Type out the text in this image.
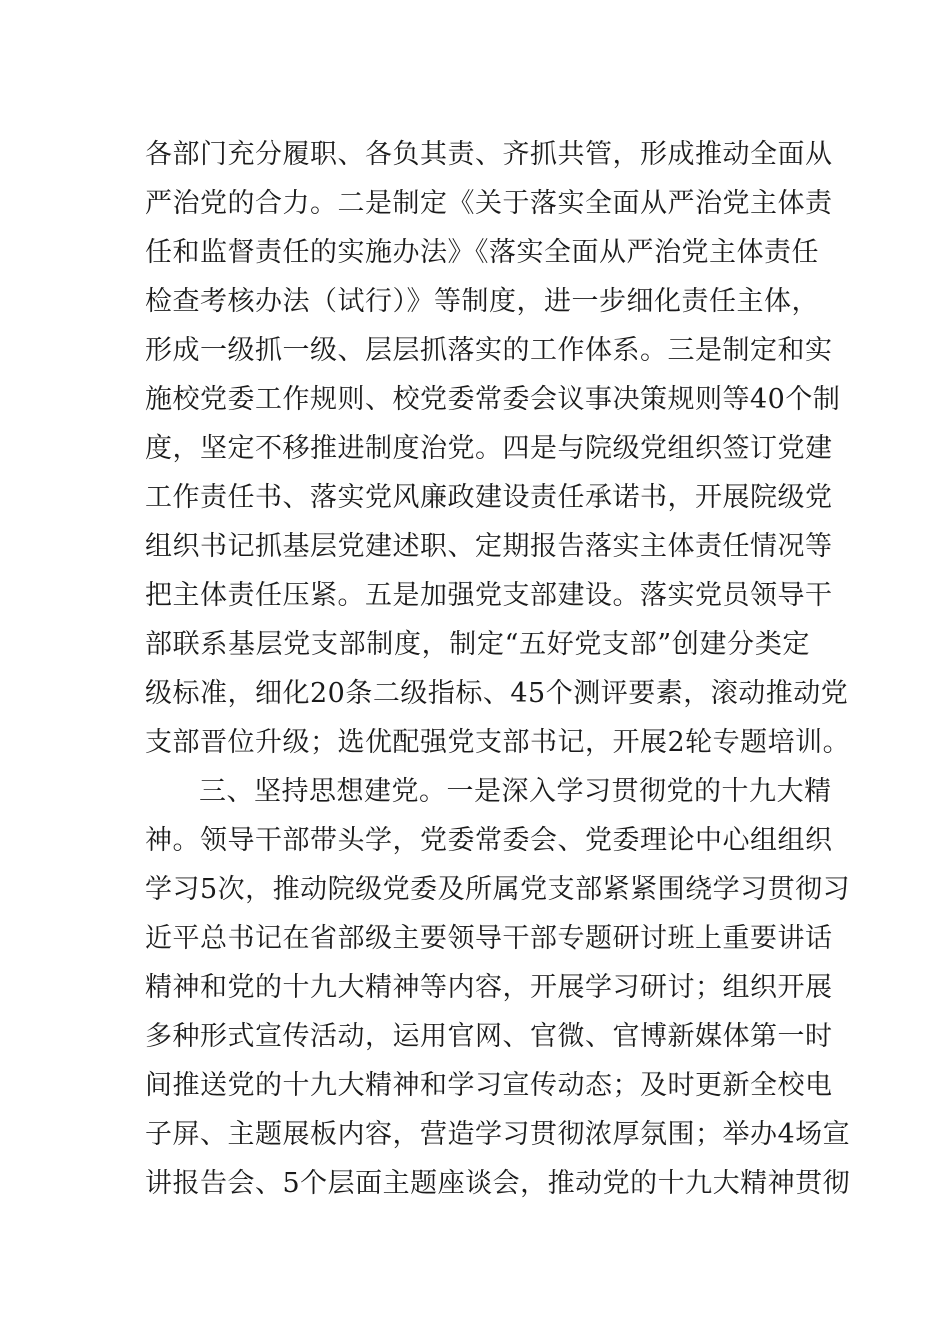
各部门充分履职、各负其责、齐抓共管，形成推动全面从
严治党的合力。二是制定《关于落实全面从严治党主体责
任和监督责任的实施办法》《落实全面从严治党主体责任
检查考核办法（试行）》等制度，进一步细化责任主体，
形成一级抓一级、层层抓落实的工作体系。三是制定和实
施校党委工作规则、校党委常委会议事决策规则等40个制
度，坚定不移推进制度治党。四是与院级党组织签订党建
工作责任书、落实党风廉政建设责任承诺书，开展院级党
组织书记抓基层党建述职、定期报告落实主体责任情况等
把主体责任压紧。五是加强党支部建设。落实党员领导干
部联系基层党支部制度，制定“五好党支部”创建分类定
级标准，细化20条二级指标、45个测评要素，滚动推动党
支部晋位升级；选优配强党支部书记，开展2轮专题培训。
三、坚持思想建党。一是深入学习贯彻党的十九大精
神。领导干部带头学，党委常委会、党委理论中心组组织
学习5次，推动院级党委及所属党支部紧紧围绕学习贯彻习
近平总书记在省部级主要领导干部专题研讨班上重要讲话
精神和党的十九大精神等内容，开展学习研讨；组织开展
多种形式宣传活动，运用官网、官微、官博新媒体第一时
间推送党的十九大精神和学习宣传动态；及时更新全校电
子屏、主题展板内容，营造学习贯彻浓厚氛围；举办4场宣
讲报告会、5个层面主题座谈会，推动党的十九大精神贯彻
